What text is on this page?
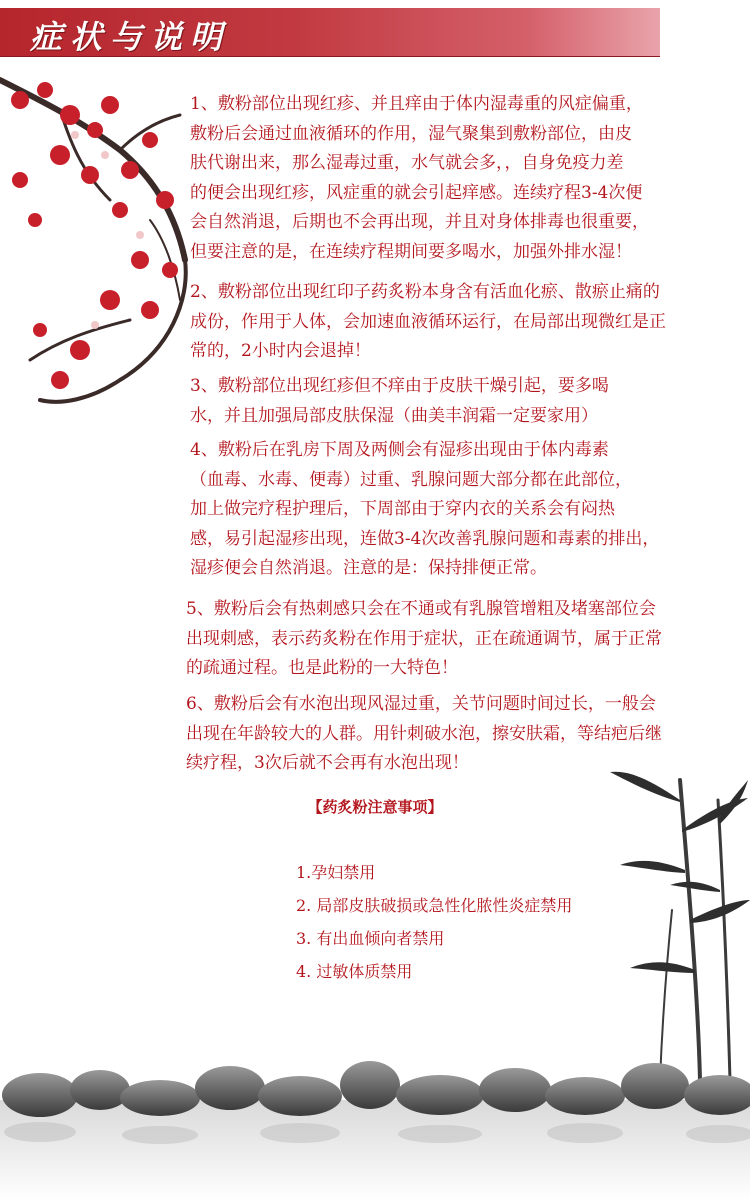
症状与说明

1、敷粉部位出现红疹、并且痒由于体内湿毒重的风症偏重，

敷粉后会通过血液循环的作用，湿气聚集到敷粉部位，由皮

肤代谢出来，那么湿毒过重，水气就会多，，自身免疫力差

的便会出现红疹，风症重的就会引起痒感。连续疗程3-4次便

会自然消退，后期也不会再出现，并且对身体排毒也很重要，

但要注意的是，在连续疗程期间要多喝水，加强外排水湿！

2、敷粉部位出现红印子药炙粉本身含有活血化瘀、散瘀止痛的

成份，作用于人体，会加速血液循环运行，在局部出现微红是正

常的，2小时内会退掉！

3、敷粉部位出现红疹但不痒由于皮肤干燥引起，要多喝

水，并且加强局部皮肤保湿（曲美丰润霜一定要家用）

4、敷粉后在乳房下周及两侧会有湿疹出现由于体内毒素

（血毒、水毒、便毒）过重、乳腺问题大部分都在此部位，

加上做完疗程护理后，下周部由于穿内衣的关系会有闷热

感，易引起湿疹出现，连做3-4次改善乳腺问题和毒素的排出，

湿疹便会自然消退。注意的是：保持排便正常。

5、敷粉后会有热刺感只会在不通或有乳腺管增粗及堵塞部位会

出现刺感，表示药炙粉在作用于症状，正在疏通调节，属于正常

的疏通过程。也是此粉的一大特色！

6、敷粉后会有水泡出现风湿过重，关节问题时间过长，一般会

出现在年龄较大的人群。用针刺破水泡，擦安肤霜，等结疤后继

续疗程，3次后就不会再有水泡出现！

【药炙粉注意事项】

1.孕妇禁用

2. 局部皮肤破损或急性化脓性炎症禁用

3. 有出血倾向者禁用

4. 过敏体质禁用
